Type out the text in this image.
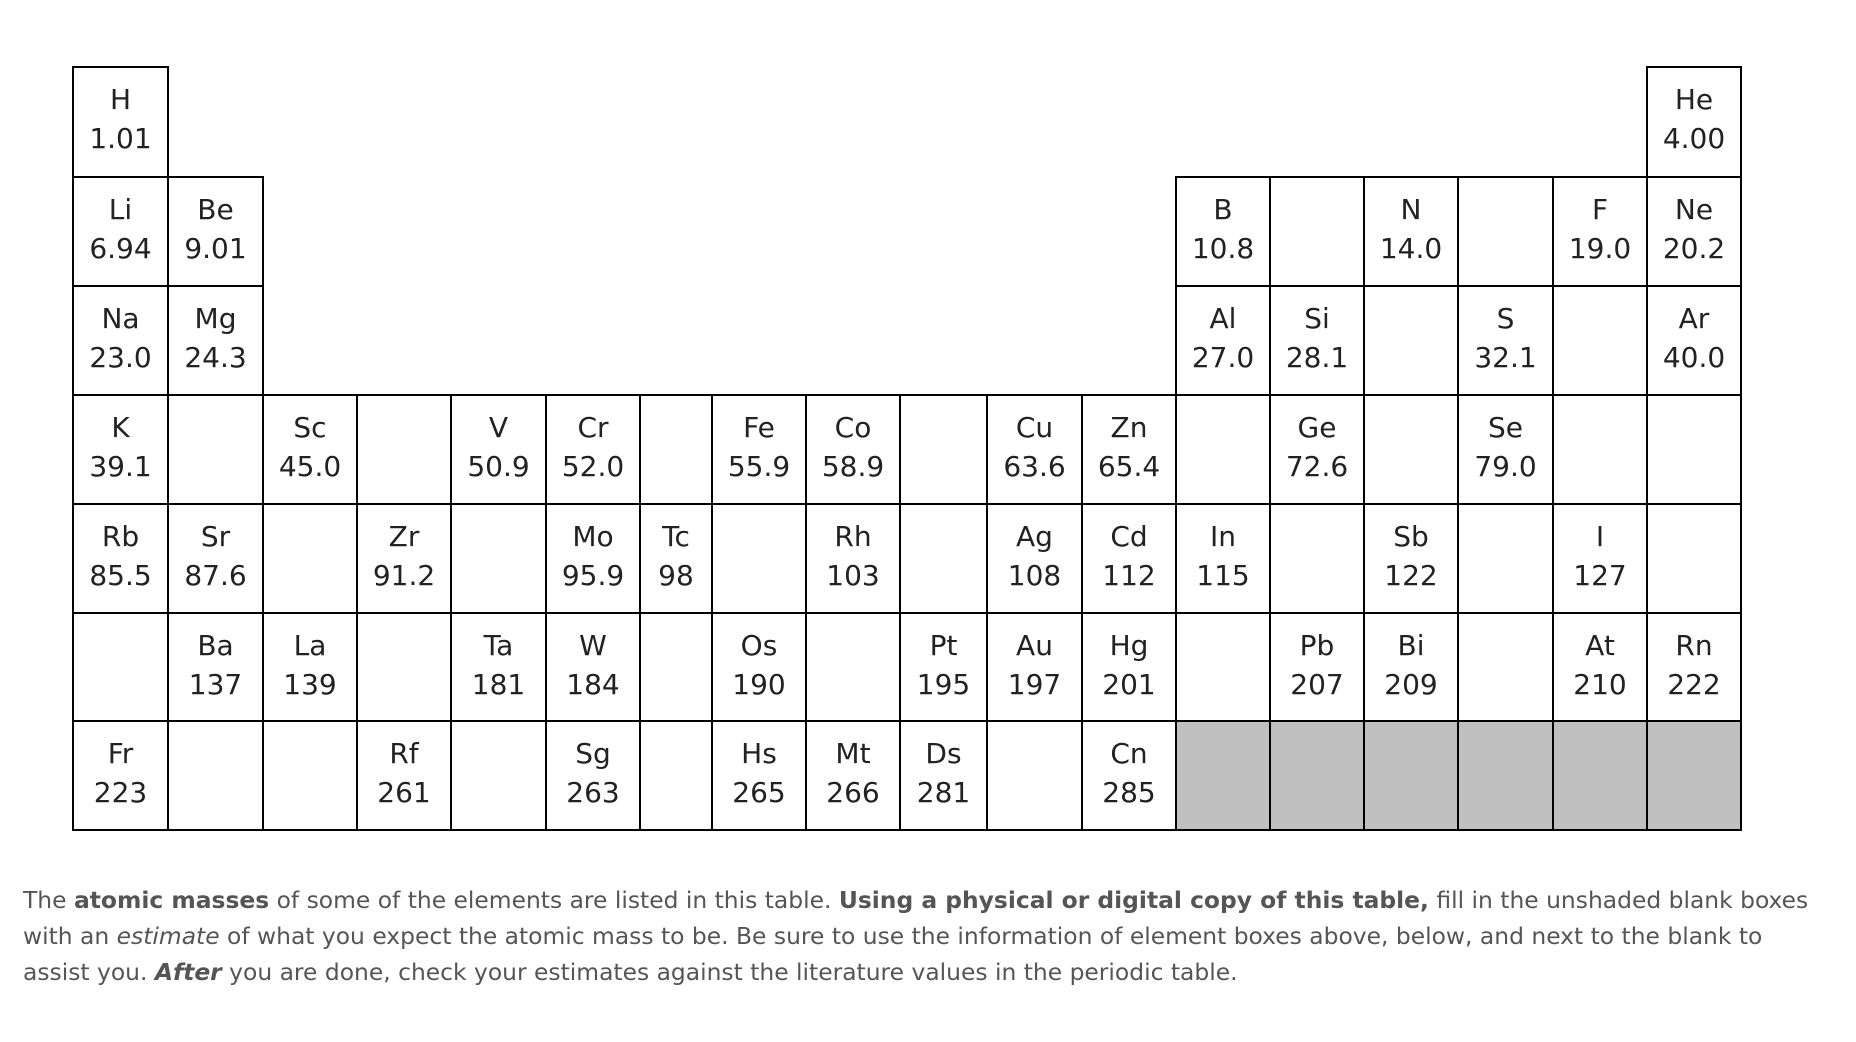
H
1.01
He
4.00
Li
6.94
Be
9.01
B
10.8
N
14.0
F
19.0
Ne
20.2
Na
23.0
Mg
24.3
Al
27.0
Si
28.1
S
32.1
Ar
40.0
K
39.1
Sc
45.0
V
50.9
Cr
52.0
Fe
55.9
Co
58.9
Cu
63.6
Zn
65.4
Ge
72.6
Se
79.0
Rb
85.5
Sr
87.6
Zr
91.2
Mo
95.9
Tc
98
Rh
103
Ag
108
Cd
112
In
115
Sb
122
I
127
Ba
137
La
139
Ta
181
W
184
Os
190
Pt
195
Au
197
Hg
201
Pb
207
Bi
209
At
210
Rn
222
Fr
223
Rf
261
Sg
263
Hs
265
Mt
266
Ds
281
Cn
285

The atomic masses of some of the elements are listed in this table. Using a physical or digital copy of this table, fill in the unshaded blank boxes with an estimate of what you expect the atomic mass to be. Be sure to use the information of element boxes above, below, and next to the blank to assist you. After you are done, check your estimates against the literature values in the periodic table.
